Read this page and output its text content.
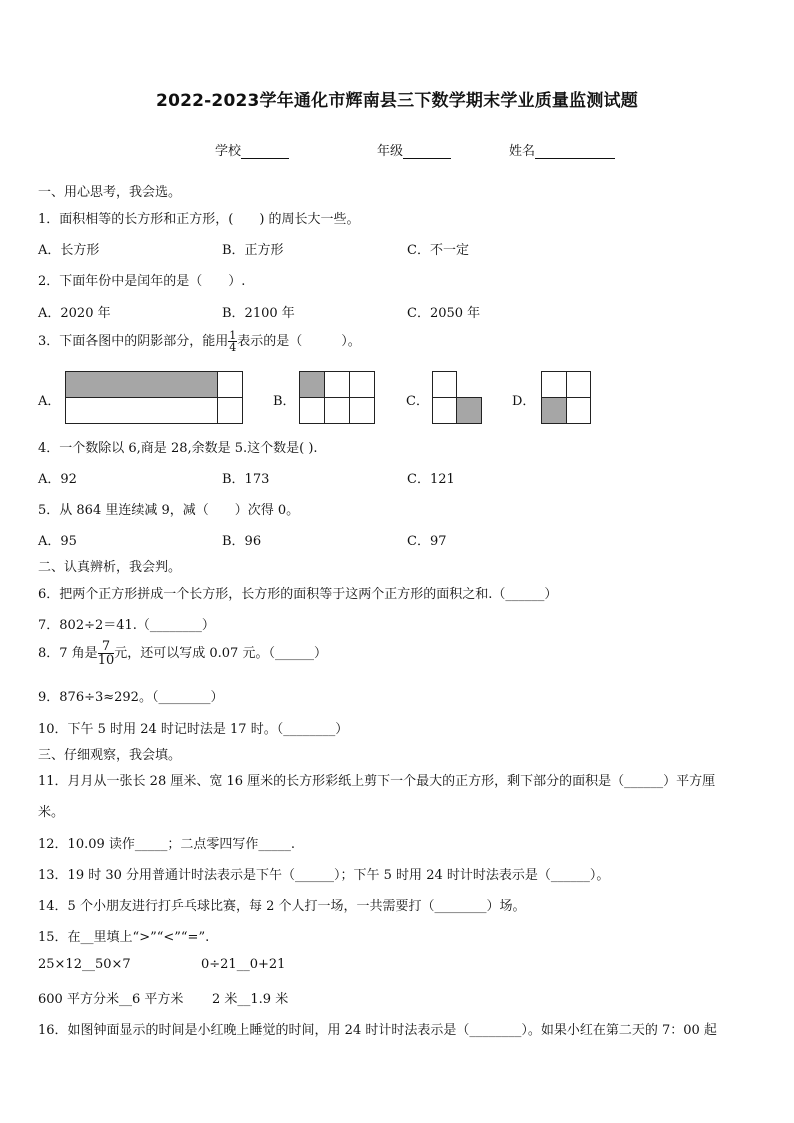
2022-2023学年通化市辉南县三下数学期末学业质量监测试题
学校	年级	姓名
一、用心思考，我会选。
1．面积相等的长方形和正方形，(　　) 的周长大一些。
A．长方形	B．正方形	C．不一定
2．下面年份中是闰年的是（　　）.
A．2020 年	B．2100 年	C．2050 年
3．下面各图中的阴影部分，能用 $\frac{1}{4}$ 表示的是（　　　）。
A．	B．	C．	D．
4．一个数除以 6,商是 28,余数是 5.这个数是( ).
A．92	B．173	C．121
5．从 864 里连续减 9，减（　　）次得 0。
A．95	B．96	C．97
二、认真辨析，我会判。
6．把两个正方形拼成一个长方形，长方形的面积等于这两个正方形的面积之和.（______）
7．802÷2＝41.（________）
8．7 角是 $\frac{7}{10}$ 元，还可以写成 0.07 元。（______）
9．876÷3≈292。（________）
10．下午 5 时用 24 时记时法是 17 时。（________）
三、仔细观察，我会填。
11．月月从一张长 28 厘米、宽 16 厘米的长方形彩纸上剪下一个最大的正方形，剩下部分的面积是（______）平方厘
米。
12．10.09 读作_____；二点零四写作_____.
13．19 时 30 分用普通计时法表示是下午（______）；下午 5 时用 24 时计时法表示是（______）。
14．5 个小朋友进行打乒乓球比赛，每 2 个人打一场，一共需要打（________）场。
15．在__里填上“>”“<”“=”.
25×12__50×7	0÷21__0+21
600 平方分米__6 平方米 2 米__1.9 米
16．如图钟面显示的时间是小红晚上睡觉的时间，用 24 时计时法表示是（________）。如果小红在第二天的 7：00 起
